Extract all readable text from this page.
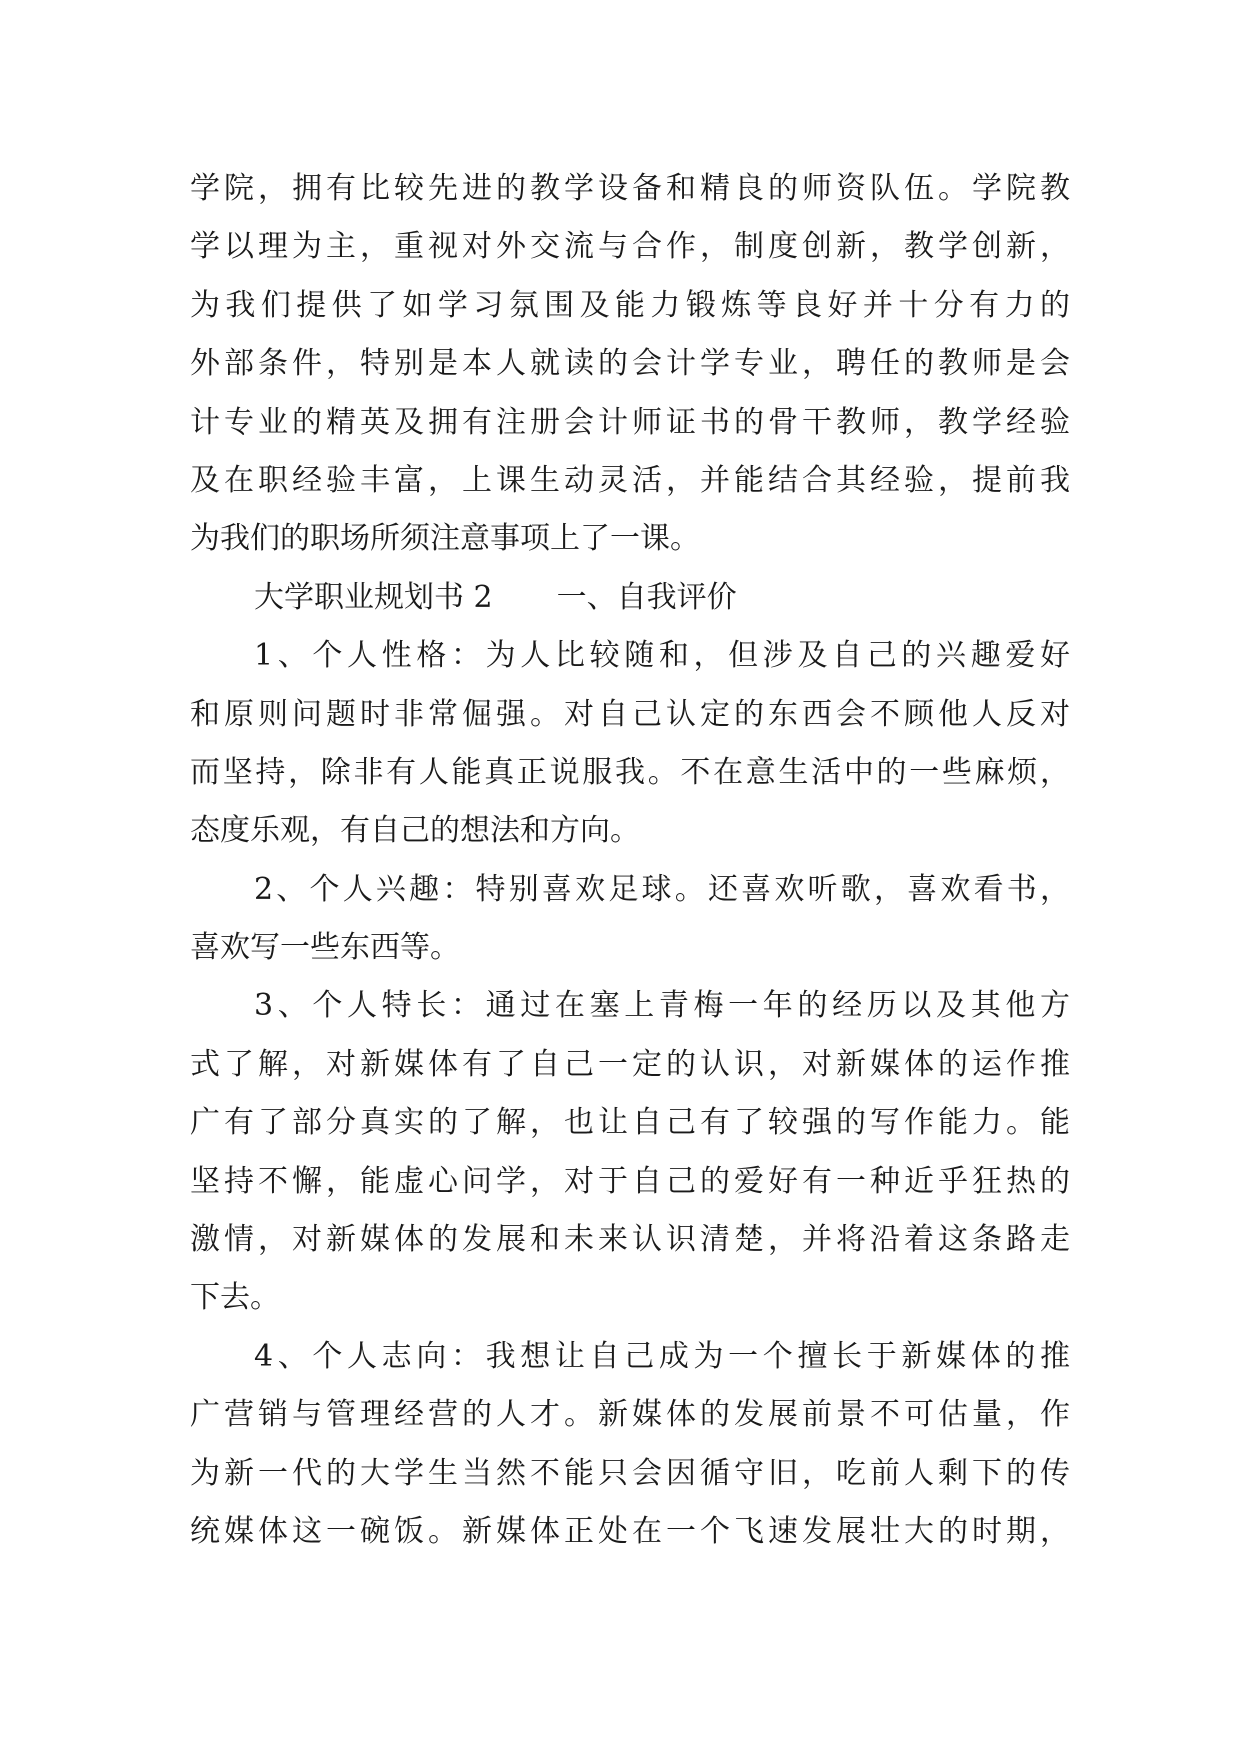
学院，拥有比较先进的教学设备和精良的师资队伍。学院教
学以理为主，重视对外交流与合作，制度创新，教学创新，
为我们提供了如学习氛围及能力锻炼等良好并十分有力的
外部条件，特别是本人就读的会计学专业，聘任的教师是会
计专业的精英及拥有注册会计师证书的骨干教师，教学经验
及在职经验丰富，上课生动灵活，并能结合其经验，提前我
为我们的职场所须注意事项上了一课。
大学职业规划书 2 一、自我评价
1、个人性格：为人比较随和，但涉及自己的兴趣爱好
和原则问题时非常倔强。对自己认定的东西会不顾他人反对
而坚持，除非有人能真正说服我。不在意生活中的一些麻烦，
态度乐观，有自己的想法和方向。
2、个人兴趣：特别喜欢足球。还喜欢听歌，喜欢看书，
喜欢写一些东西等。
3、个人特长：通过在塞上青梅一年的经历以及其他方
式了解，对新媒体有了自己一定的认识，对新媒体的运作推
广有了部分真实的了解，也让自己有了较强的写作能力。能
坚持不懈，能虚心问学，对于自己的爱好有一种近乎狂热的
激情，对新媒体的发展和未来认识清楚，并将沿着这条路走
下去。
4、个人志向：我想让自己成为一个擅长于新媒体的推
广营销与管理经营的人才。新媒体的发展前景不可估量，作
为新一代的大学生当然不能只会因循守旧，吃前人剩下的传
统媒体这一碗饭。新媒体正处在一个飞速发展壮大的时期，
